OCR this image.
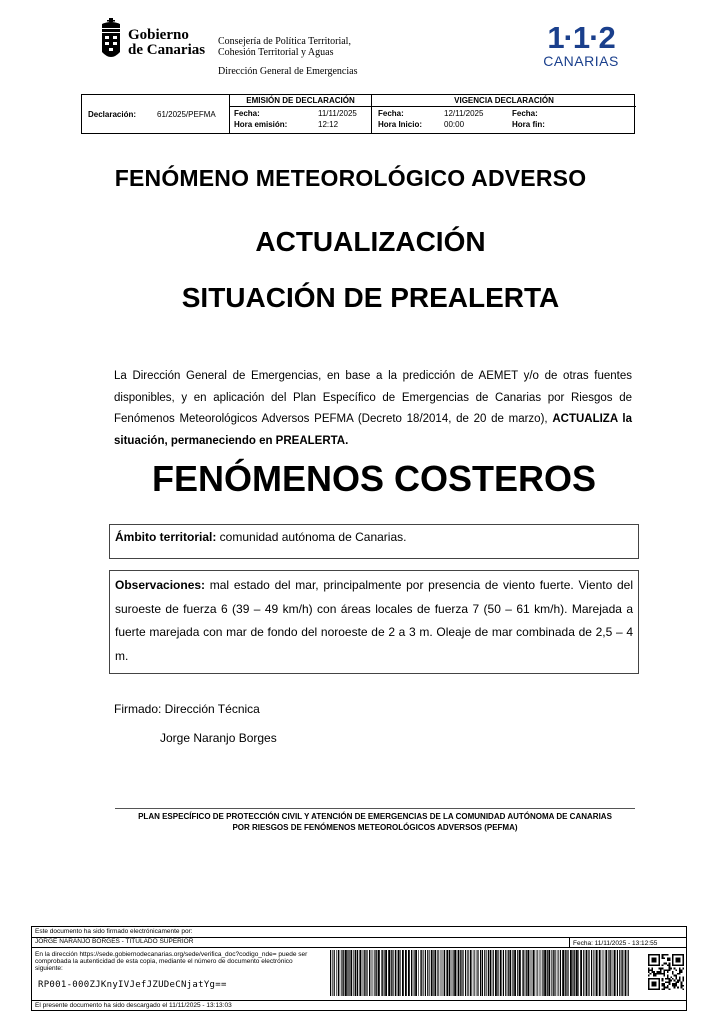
Gobierno
de Canarias
Consejería de Política Territorial,
Cohesión Territorial y Aguas
Dirección General de Emergencias
1·1·2
CANARIAS
Declaración:	61/2025/PEFMA
EMISIÓN DE DECLARACIÓN
Fecha:	11/11/2025
Hora emisión:	12:12
VIGENCIA DECLARACIÓN
Fecha:	12/11/2025
Hora Inicio:	00:00
Fecha:
Hora fin:
FENÓMENO METEOROLÓGICO ADVERSO
ACTUALIZACIÓN
SITUACIÓN DE PREALERTA
La Dirección General de Emergencias, en base a la predicción de AEMET y/o de otras fuentes disponibles, y en aplicación del Plan Específico de Emergencias de Canarias por Riesgos de Fenómenos Meteorológicos Adversos PEFMA (Decreto 18/2014, de 20 de marzo), ACTUALIZA la situación, permaneciendo en PREALERTA.
FENÓMENOS COSTEROS
Ámbito territorial: comunidad autónoma de Canarias.
Observaciones: mal estado del mar, principalmente por presencia de viento fuerte. Viento del suroeste de fuerza 6 (39 – 49 km/h) con áreas locales de fuerza 7 (50 – 61 km/h). Marejada a fuerte marejada con mar de fondo del noroeste de 2 a 3 m. Oleaje de mar combinada de 2,5 – 4 m.
Firmado: Dirección Técnica
Jorge Naranjo Borges
PLAN ESPECÍFICO DE PROTECCIÓN CIVIL Y ATENCIÓN DE EMERGENCIAS DE LA COMUNIDAD AUTÓNOMA DE CANARIAS
POR RIESGOS DE FENÓMENOS METEOROLÓGICOS ADVERSOS (PEFMA)
Este documento ha sido firmado electrónicamente por:
JORGE NARANJO BORGES - TITULADO SUPERIOR	Fecha: 11/11/2025 - 13:12:55
En la dirección https://sede.gobiernodecanarias.org/sede/verifica_doc?codigo_nde= puede ser comprobada la autenticidad de esta copia, mediante el número de documento electrónico siguiente:
RP001-000ZJKnyIVJefJZUDeCNjatYg==
El presente documento ha sido descargado el 11/11/2025 - 13:13:03
